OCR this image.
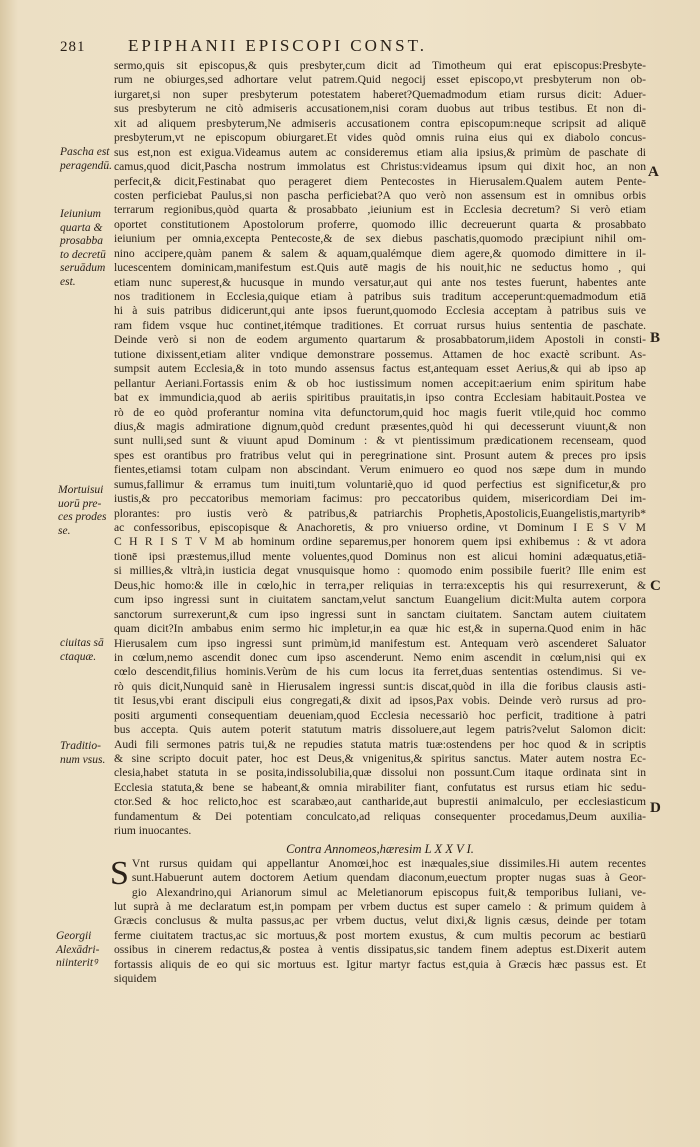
281	EPIPHANII EPISCOPI CONST.
sermo,quis sit episcopus,& quis presbyter,cum dicit ad Timotheum qui erat episcopus:Presbyte-
rum ne obiurges,sed adhortare velut patrem.Quid negocij esset episcopo,vt presbyterum non ob-
iurgaret,si non super presbyterum potestatem haberet?Quemadmodum etiam rursus dicit: Aduer-
sus presbyterum ne citò admiseris accusationem,nisi coram duobus aut tribus testibus. Et non di-
xit ad aliquem presbyterum,Ne admiseris accusationem contra episcopum:neque scripsit ad aliquē
presbyterum,vt ne episcopum obiurgaret.Et vides quòd omnis ruina eius qui ex diabolo concus-
sus est,non est exigua.Videamus autem ac consideremus etiam alia ipsius,& primùm de paschate di
camus,quod dicit,Pascha nostrum immolatus est Christus:videamus ipsum qui dixit hoc, an non
perfecit,& dicit,Festinabat quo perageret diem Pentecostes in Hierusalem.Qualem autem Pente-
costen perficiebat Paulus,si non pascha perficiebat?A quo verò non assensum est in omnibus orbis
terrarum regionibus,quòd quarta & prosabbato ,ieiunium est in Ecclesia decretum? Si verò etiam
oportet constitutionem Apostolorum proferre, quomodo illic decreuerunt quarta & prosabbato
ieiunium per omnia,excepta Pentecoste,& de sex diebus paschatis,quomodo præcipiunt nihil om-
nino accipere,quàm panem & salem & aquam,qualémque diem agere,& quomodo dimittere in il-
lucescentem dominicam,manifestum est.Quis autē magis de his nouit,hic ne seductus homo , qui
etiam nunc superest,& hucusque in mundo versatur,aut qui ante nos testes fuerunt, habentes ante
nos traditionem in Ecclesia,quique etiam à patribus suis traditum acceperunt:quemadmodum etiā
hi à suis patribus didicerunt,qui ante ipsos fuerunt,quomodo Ecclesia acceptam à patribus suis ve
ram fidem vsque huc continet,itémque traditiones. Et corruat rursus huius sententia de paschate.
Deinde verò si non de eodem argumento quartarum & prosabbatorum,iidem Apostoli in consti-
tutione dixissent,etiam aliter vndique demonstrare possemus. Attamen de hoc exactè scribunt. As-
sumpsit autem Ecclesia,& in toto mundo assensus factus est,antequam esset Aerius,& qui ab ipso ap
pellantur Aeriani.Fortassis enim & ob hoc iustissimum nomen accepit:aerium enim spiritum habe
bat ex immundicia,quod ab aeriis spiritibus prauitatis,in ipso contra Ecclesiam habitauit.Postea ve
rò de eo quòd proferantur nomina vita defunctorum,quid hoc magis fuerit vtile,quid hoc commo
dius,& magis admiratione dignum,quòd credunt præsentes,quòd hi qui decesserunt viuunt,& non
sunt nulli,sed sunt & viuunt apud Dominum : & vt pientissimum prædicationem recenseam, quod
spes est orantibus pro fratribus velut qui in peregrinatione sint. Prosunt autem & preces pro ipsis
fientes,etiamsi totam culpam non abscindant. Verum enimuero eo quod nos sæpe dum in mundo
sumus,fallimur & erramus tum inuiti,tum voluntariè,quo id quod perfectius est significetur,& pro
iustis,& pro peccatoribus memoriam facimus: pro peccatoribus quidem, misericordiam Dei im-
plorantes: pro iustis verò & patribus,& patriarchis Prophetis,Apostolicis,Euangelistis,martyrib*
ac confessoribus, episcopisque & Anachoretis, & pro vniuerso ordine, vt Dominum I E S V M
C H R I S T V M ab hominum ordine separemus,per honorem quem ipsi exhibemus : & vt adora
tionē ipsi præstemus,illud mente voluentes,quod Dominus non est alicui homini adæquatus,etiā-
si millies,& vltrà,in iusticia degat vnusquisque homo : quomodo enim possibile fuerit? Ille enim est
Deus,hic homo:& ille in cœlo,hic in terra,per reliquias in terra:exceptis his qui resurrexerunt, &
cum ipso ingressi sunt in ciuitatem sanctam,velut sanctum Euangelium dicit:Multa autem corpora
sanctorum surrexerunt,& cum ipso ingressi sunt in sanctam ciuitatem. Sanctam autem ciuitatem
quam dicit?In ambabus enim sermo hic impletur,in ea quæ hic est,& in superna.Quod enim in hāc
Hierusalem cum ipso ingressi sunt primùm,id manifestum est. Antequam verò ascenderet Saluator
in cœlum,nemo ascendit donec cum ipso ascenderunt. Nemo enim ascendit in cœlum,nisi qui ex
cœlo descendit,filius hominis.Verùm de his cum locus ita ferret,duas sententias ostendimus. Si ve-
rò quis dicit,Nunquid sanè in Hierusalem ingressi sunt:is discat,quòd in illa die foribus clausis asti-
tit Iesus,vbi erant discipuli eius congregati,& dixit ad ipsos,Pax vobis. Deinde verò rursus ad pro-
positi argumenti consequentiam deueniam,quod Ecclesia necessariò hoc perficit, traditione à patri
bus accepta. Quis autem poterit statutum matris dissoluere,aut legem patris?velut Salomon dicit:
Audi fili sermones patris tui,& ne repudies statuta matris tuæ:ostendens per hoc quod & in scriptis
& sine scripto docuit pater, hoc est Deus,& vnigenitus,& spiritus sanctus. Mater autem nostra Ec-
clesia,habet statuta in se posita,indissolubilia,quæ dissolui non possunt.Cum itaque ordinata sint in
Ecclesia statuta,& bene se habeant,& omnia mirabiliter fiant, confutatus est rursus etiam hic sedu-
ctor.Sed & hoc relicto,hoc est scarabæo,aut cantharide,aut buprestii animalculo, per ecclesiasticum
fundamentum & Dei potentiam conculcato,ad reliquas consequenter procedamus,Deum auxilia-
rium inuocantes.
Contra Annomeos,hæresim L X X V I.
S Vnt rursus quidam qui appellantur Anomœi,hoc est inæquales,siue dissimiles.Hi autem recentes
sunt.Habuerunt autem doctorem Aetium quendam diaconum,euectum propter nugas suas à Geor-
gio Alexandrino,qui Arianorum simul ac Meletianorum episcopus fuit,& temporibus Iuliani, ve-
lut suprà à me declaratum est,in pompam per vrbem ductus est super camelo : & primum quidem à
Græcis conclusus & multa passus,ac per vrbem ductus, velut dixi,& lignis cæsus, deinde per totam
ferme ciuitatem tractus,ac sic mortuus,& post mortem exustus, & cum multis pecorum ac bestiarū
ossibus in cinerem redactus,& postea à ventis dissipatus,sic tandem finem adeptus est.Dixerit autem
fortassis aliquis de eo qui sic mortuus est. Igitur martyr factus est,quia à Græcis hæc passus est. Et
siquidem
Pascha est peragendū.
Ieiunium quarta & prosabba to decretū seruādum est.
Mortuisui uorū pre- ces prodes se.
ciuitas sā ctaquæ.
Traditio- num vsus.
Georgii Alexādri- niinteritꝰ
A
B
C
D
